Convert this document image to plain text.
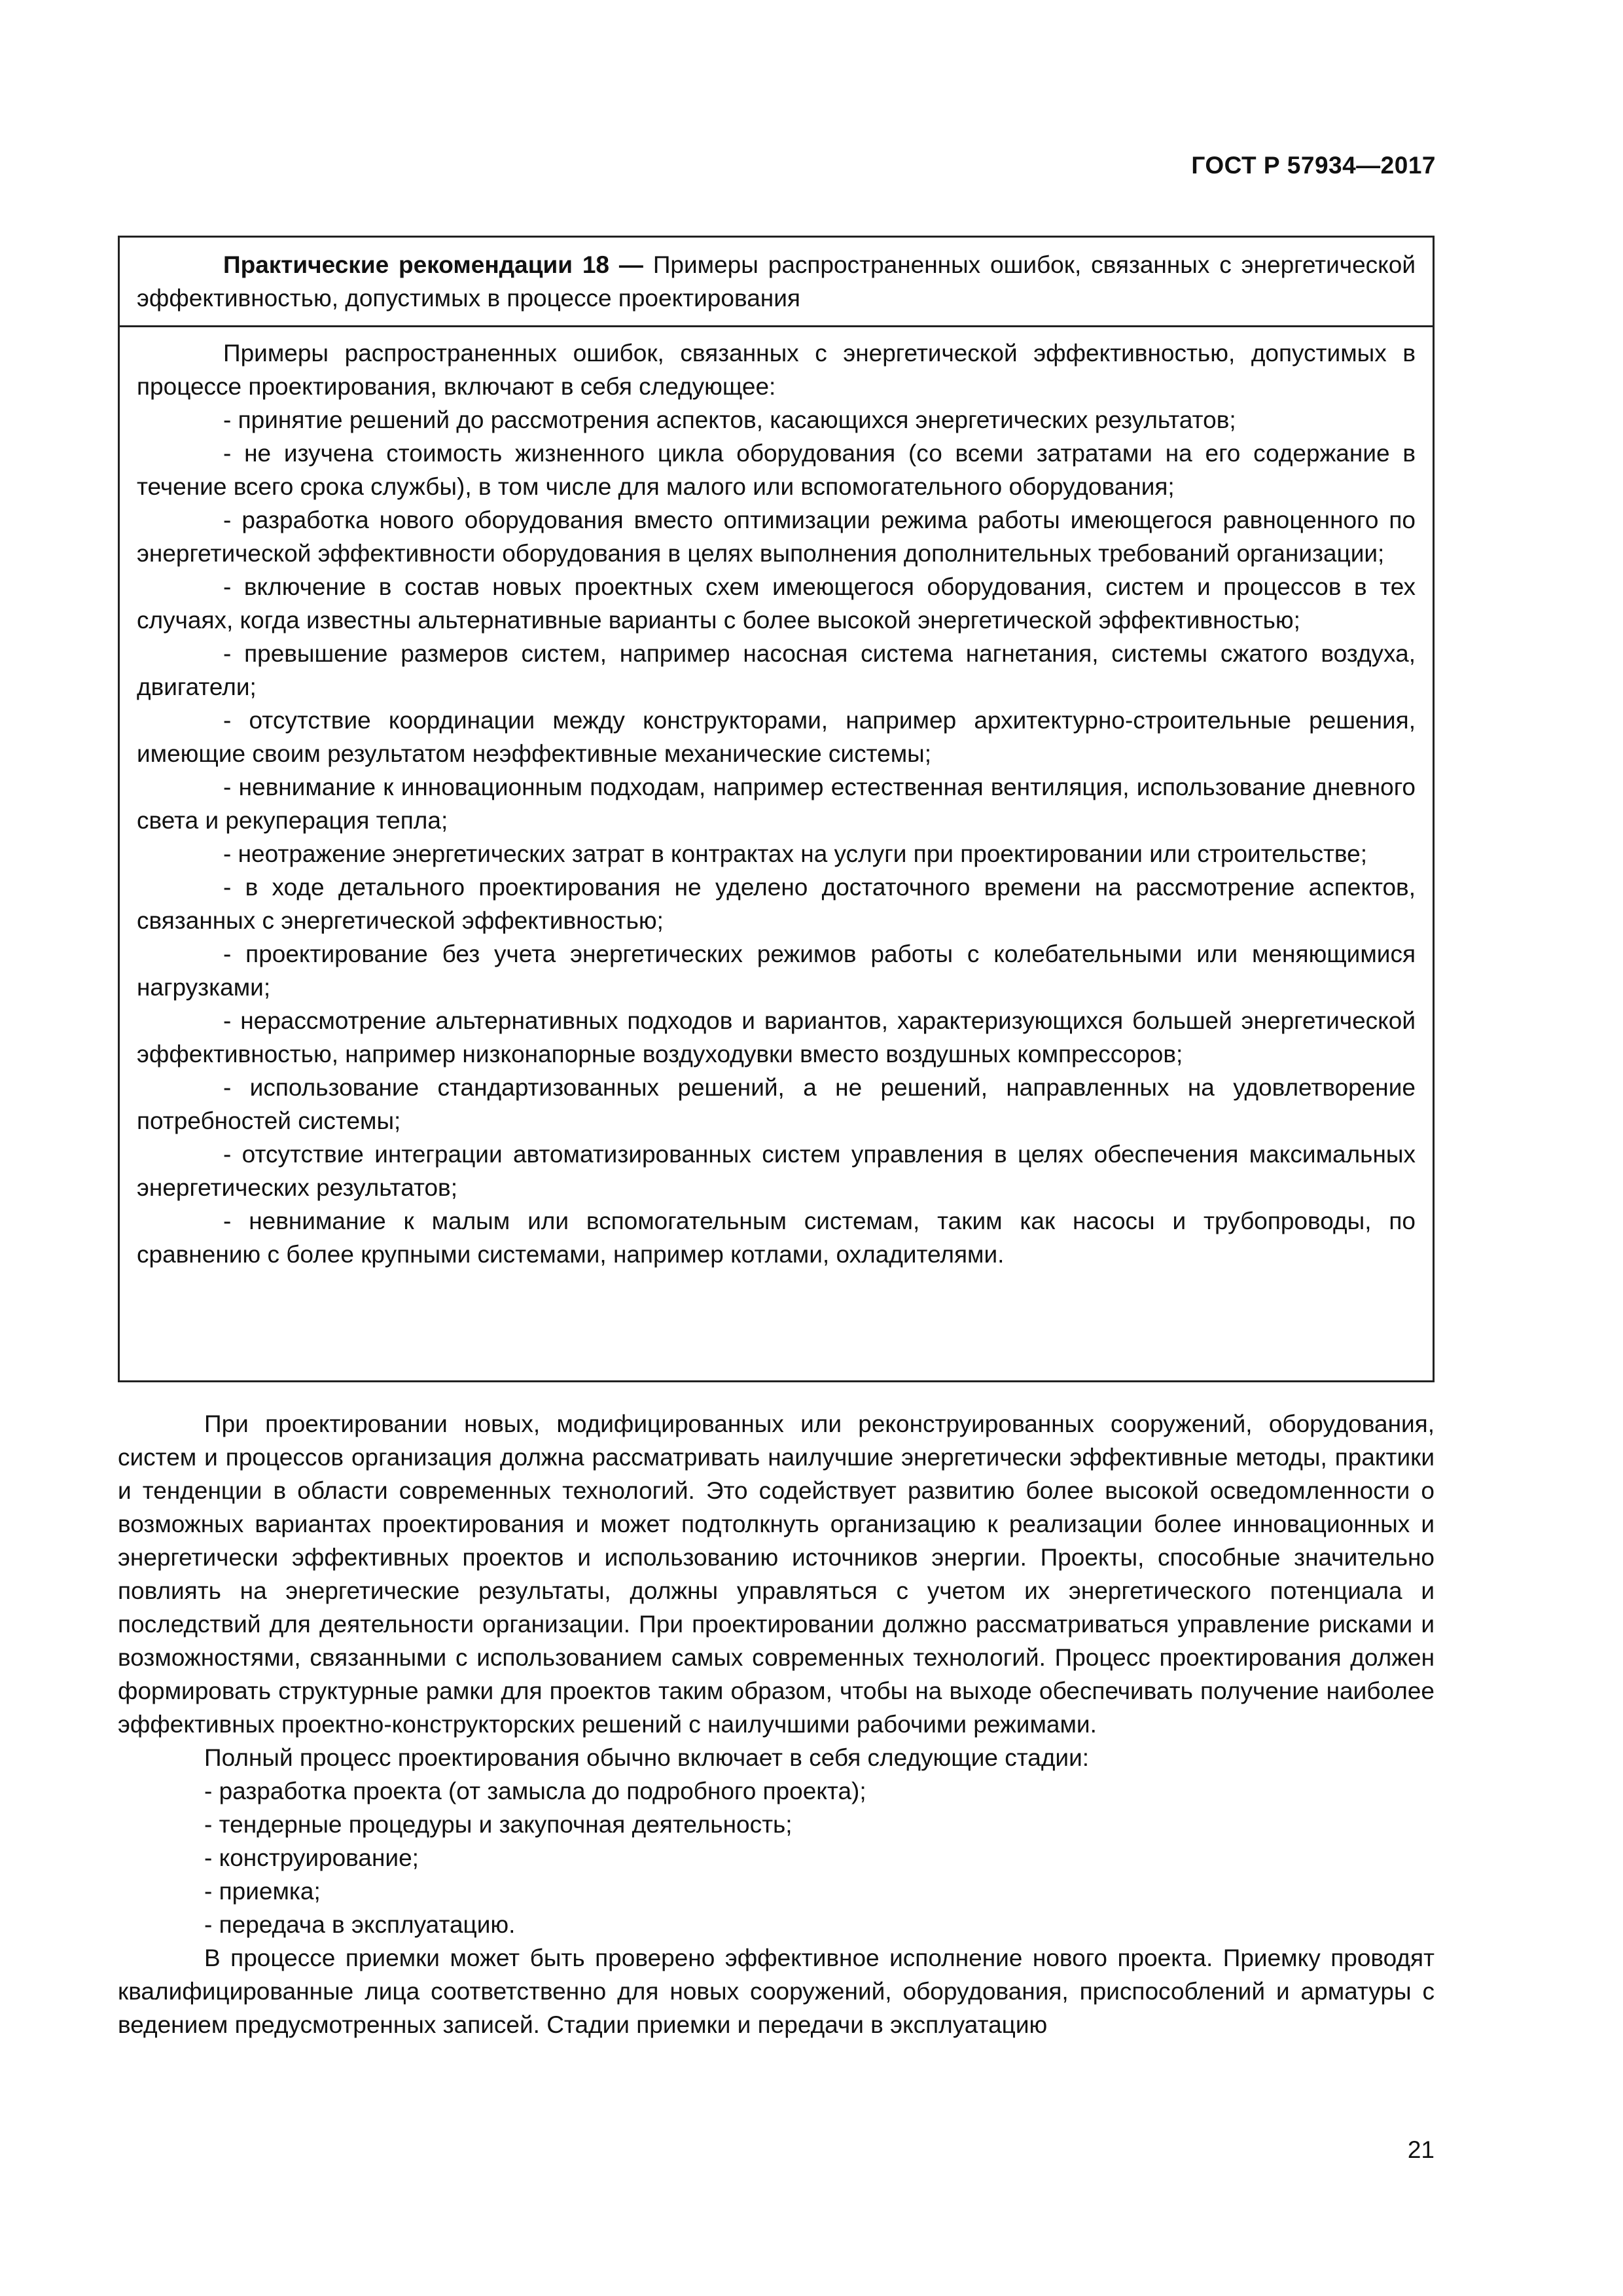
ГОСТ Р 57934—2017
Практические рекомендации 18 — Примеры распространенных ошибок, связанных с энергетической эффективностью, допустимых в процессе проектирования

Примеры распространенных ошибок, связанных с энергетической эффективностью, допустимых в процессе проектирования, включают в себя следующее:

- принятие решений до рассмотрения аспектов, касающихся энергетических результатов;

- не изучена стоимость жизненного цикла оборудования (со всеми затратами на его содержание в течение всего срока службы), в том числе для малого или вспомогательного оборудования;

- разработка нового оборудования вместо оптимизации режима работы имеющегося равноценного по энергетической эффективности оборудования в целях выполнения дополнительных требований организации;

- включение в состав новых проектных схем имеющегося оборудования, систем и процессов в тех случаях, когда известны альтернативные варианты с более высокой энергетической эффективностью;

- превышение размеров систем, например насосная система нагнетания, системы сжатого воздуха, двигатели;

- отсутствие координации между конструкторами, например архитектурно-строительные решения, имеющие своим результатом неэффективные механические системы;

- невнимание к инновационным подходам, например естественная вентиляция, использование дневного света и рекуперация тепла;

- неотражение энергетических затрат в контрактах на услуги при проектировании или строительстве;

- в ходе детального проектирования не уделено достаточного времени на рассмотрение аспектов, связанных с энергетической эффективностью;

- проектирование без учета энергетических режимов работы с колебательными или меняющимися нагрузками;

- нерассмотрение альтернативных подходов и вариантов, характеризующихся большей энергетической эффективностью, например низконапорные воздуходувки вместо воздушных компрессоров;

- использование стандартизованных решений, а не решений, направленных на удовлетворение потребностей системы;

- отсутствие интеграции автоматизированных систем управления в целях обеспечения максимальных энергетических результатов;

- невнимание к малым или вспомогательным системам, таким как насосы и трубопроводы, по сравнению с более крупными системами, например котлами, охладителями.

При проектировании новых, модифицированных или реконструированных сооружений, оборудования, систем и процессов организация должна рассматривать наилучшие энергетически эффективные методы, практики и тенденции в области современных технологий. Это содействует развитию более высокой осведомленности о возможных вариантах проектирования и может подтолкнуть организацию к реализации более инновационных и энергетически эффективных проектов и использованию источников энергии. Проекты, способные значительно повлиять на энергетические результаты, должны управляться с учетом их энергетического потенциала и последствий для деятельности организации. При проектировании должно рассматриваться управление рисками и возможностями, связанными с использованием самых современных технологий. Процесс проектирования должен формировать структурные рамки для проектов таким образом, чтобы на выходе обеспечивать получение наиболее эффективных проектно-конструкторских решений с наилучшими рабочими режимами.

Полный процесс проектирования обычно включает в себя следующие стадии:

- разработка проекта (от замысла до подробного проекта);

- тендерные процедуры и закупочная деятельность;

- конструирование;

- приемка;

- передача в эксплуатацию.

В процессе приемки может быть проверено эффективное исполнение нового проекта. Приемку проводят квалифицированные лица соответственно для новых сооружений, оборудования, приспособлений и арматуры с ведением предусмотренных записей. Стадии приемки и передачи в эксплуатацию

21
